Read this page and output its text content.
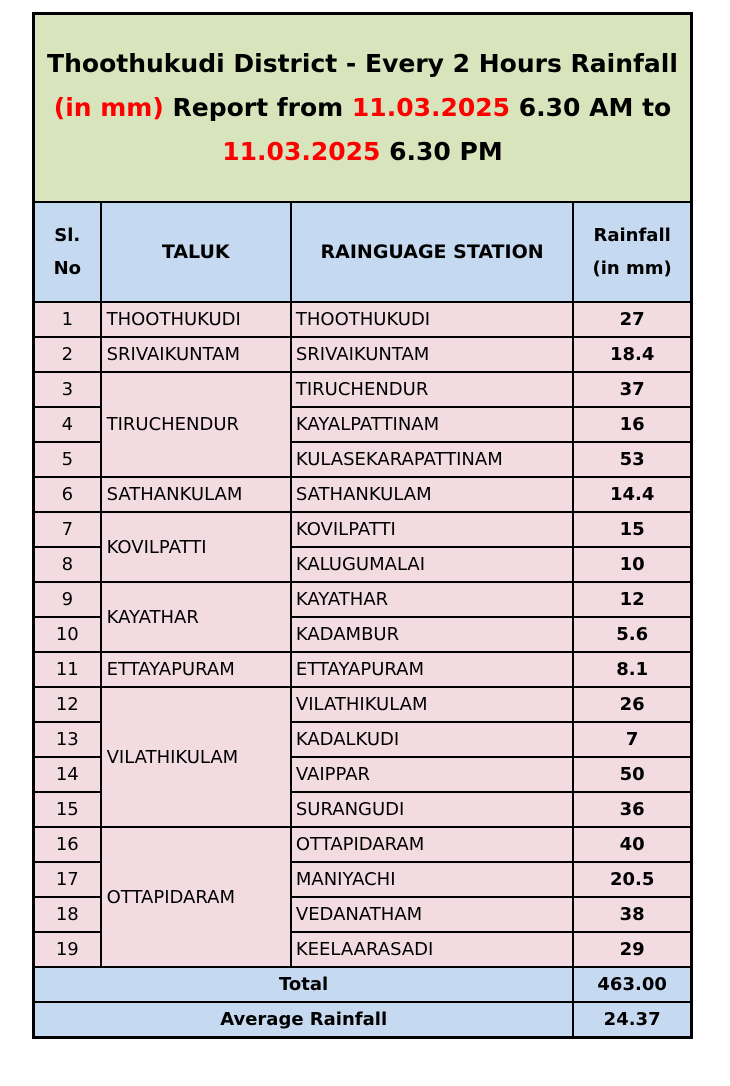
Thoothukudi District - Every 2 Hours Rainfall
(in mm) Report from 11.03.2025 6.30 AM to
11.03.2025 6.30 PM			
Sl.
No	TALUK	RAINGUAGE STATION	Rainfall
(in mm)
1	THOOTHUKUDI	THOOTHUKUDI	27
2	SRIVAIKUNTAM	SRIVAIKUNTAM	18.4
3	TIRUCHENDUR	TIRUCHENDUR	37
4		KAYALPATTINAM	16
5		KULASEKARAPATTINAM	53
6	SATHANKULAM	SATHANKULAM	14.4
7	KOVILPATTI	KOVILPATTI	15
8		KALUGUMALAI	10
9	KAYATHAR	KAYATHAR	12
10		KADAMBUR	5.6
11	ETTAYAPURAM	ETTAYAPURAM	8.1
12	VILATHIKULAM	VILATHIKULAM	26
13		KADALKUDI	7
14		VAIPPAR	50
15		SURANGUDI	36
16	OTTAPIDARAM	OTTAPIDARAM	40
17		MANIYACHI	20.5
18		VEDANATHAM	38
19		KEELAARASADI	29
Total			463.00
Average Rainfall			24.37
